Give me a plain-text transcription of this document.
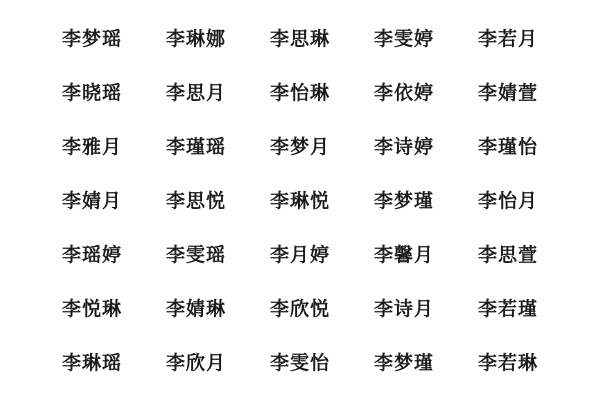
李梦瑶	李琳娜	李思琳	李雯婷	李若月
李晓瑶	李思月	李怡琳	李依婷	李婧萱
李雅月	李瑾瑶	李梦月	李诗婷	李瑾怡
李婧月	李思悦	李琳悦	李梦瑾	李怡月
李瑶婷	李雯瑶	李月婷	李馨月	李思萱
李悦琳	李婧琳	李欣悦	李诗月	李若瑾
李琳瑶	李欣月	李雯怡	李梦瑾	李若琳
